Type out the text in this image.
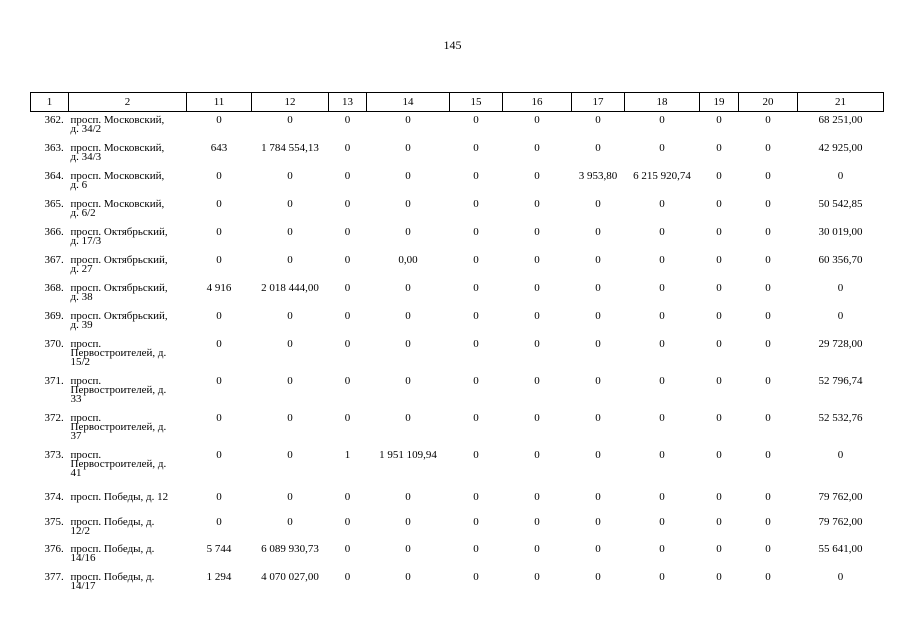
145
1	2	11	12	13	14	15	16	17	18	19	20	21
362.	просп. Московский,
д. 34/2	0	0	0	0	0	0	0	0	0	0	68 251,00
363.	просп. Московский,
д. 34/3	643	1 784 554,13	0	0	0	0	0	0	0	0	42 925,00
364.	просп. Московский,
д. 6	0	0	0	0	0	0	3 953,80	6 215 920,74	0	0	0
365.	просп. Московский,
д. 6/2	0	0	0	0	0	0	0	0	0	0	50 542,85
366.	просп. Октябрьский,
д. 17/3	0	0	0	0	0	0	0	0	0	0	30 019,00
367.	просп. Октябрьский,
д. 27	0	0	0	0,00	0	0	0	0	0	0	60 356,70
368.	просп. Октябрьский,
д. 38	4 916	2 018 444,00	0	0	0	0	0	0	0	0	0
369.	просп. Октябрьский,
д. 39	0	0	0	0	0	0	0	0	0	0	0
370.	просп.
Первостроителей, д.
15/2	0	0	0	0	0	0	0	0	0	0	29 728,00
371.	просп.
Первостроителей, д.
33	0	0	0	0	0	0	0	0	0	0	52 796,74
372.	просп.
Первостроителей, д.
37	0	0	0	0	0	0	0	0	0	0	52 532,76
373.	просп.
Первостроителей, д.
41	0	0	1	1 951 109,94	0	0	0	0	0	0	0
374.	просп. Победы, д. 12	0	0	0	0	0	0	0	0	0	0	79 762,00
375.	просп. Победы, д.
12/2	0	0	0	0	0	0	0	0	0	0	79 762,00
376.	просп. Победы, д.
14/16	5 744	6 089 930,73	0	0	0	0	0	0	0	0	55 641,00
377.	просп. Победы, д.
14/17	1 294	4 070 027,00	0	0	0	0	0	0	0	0	0
